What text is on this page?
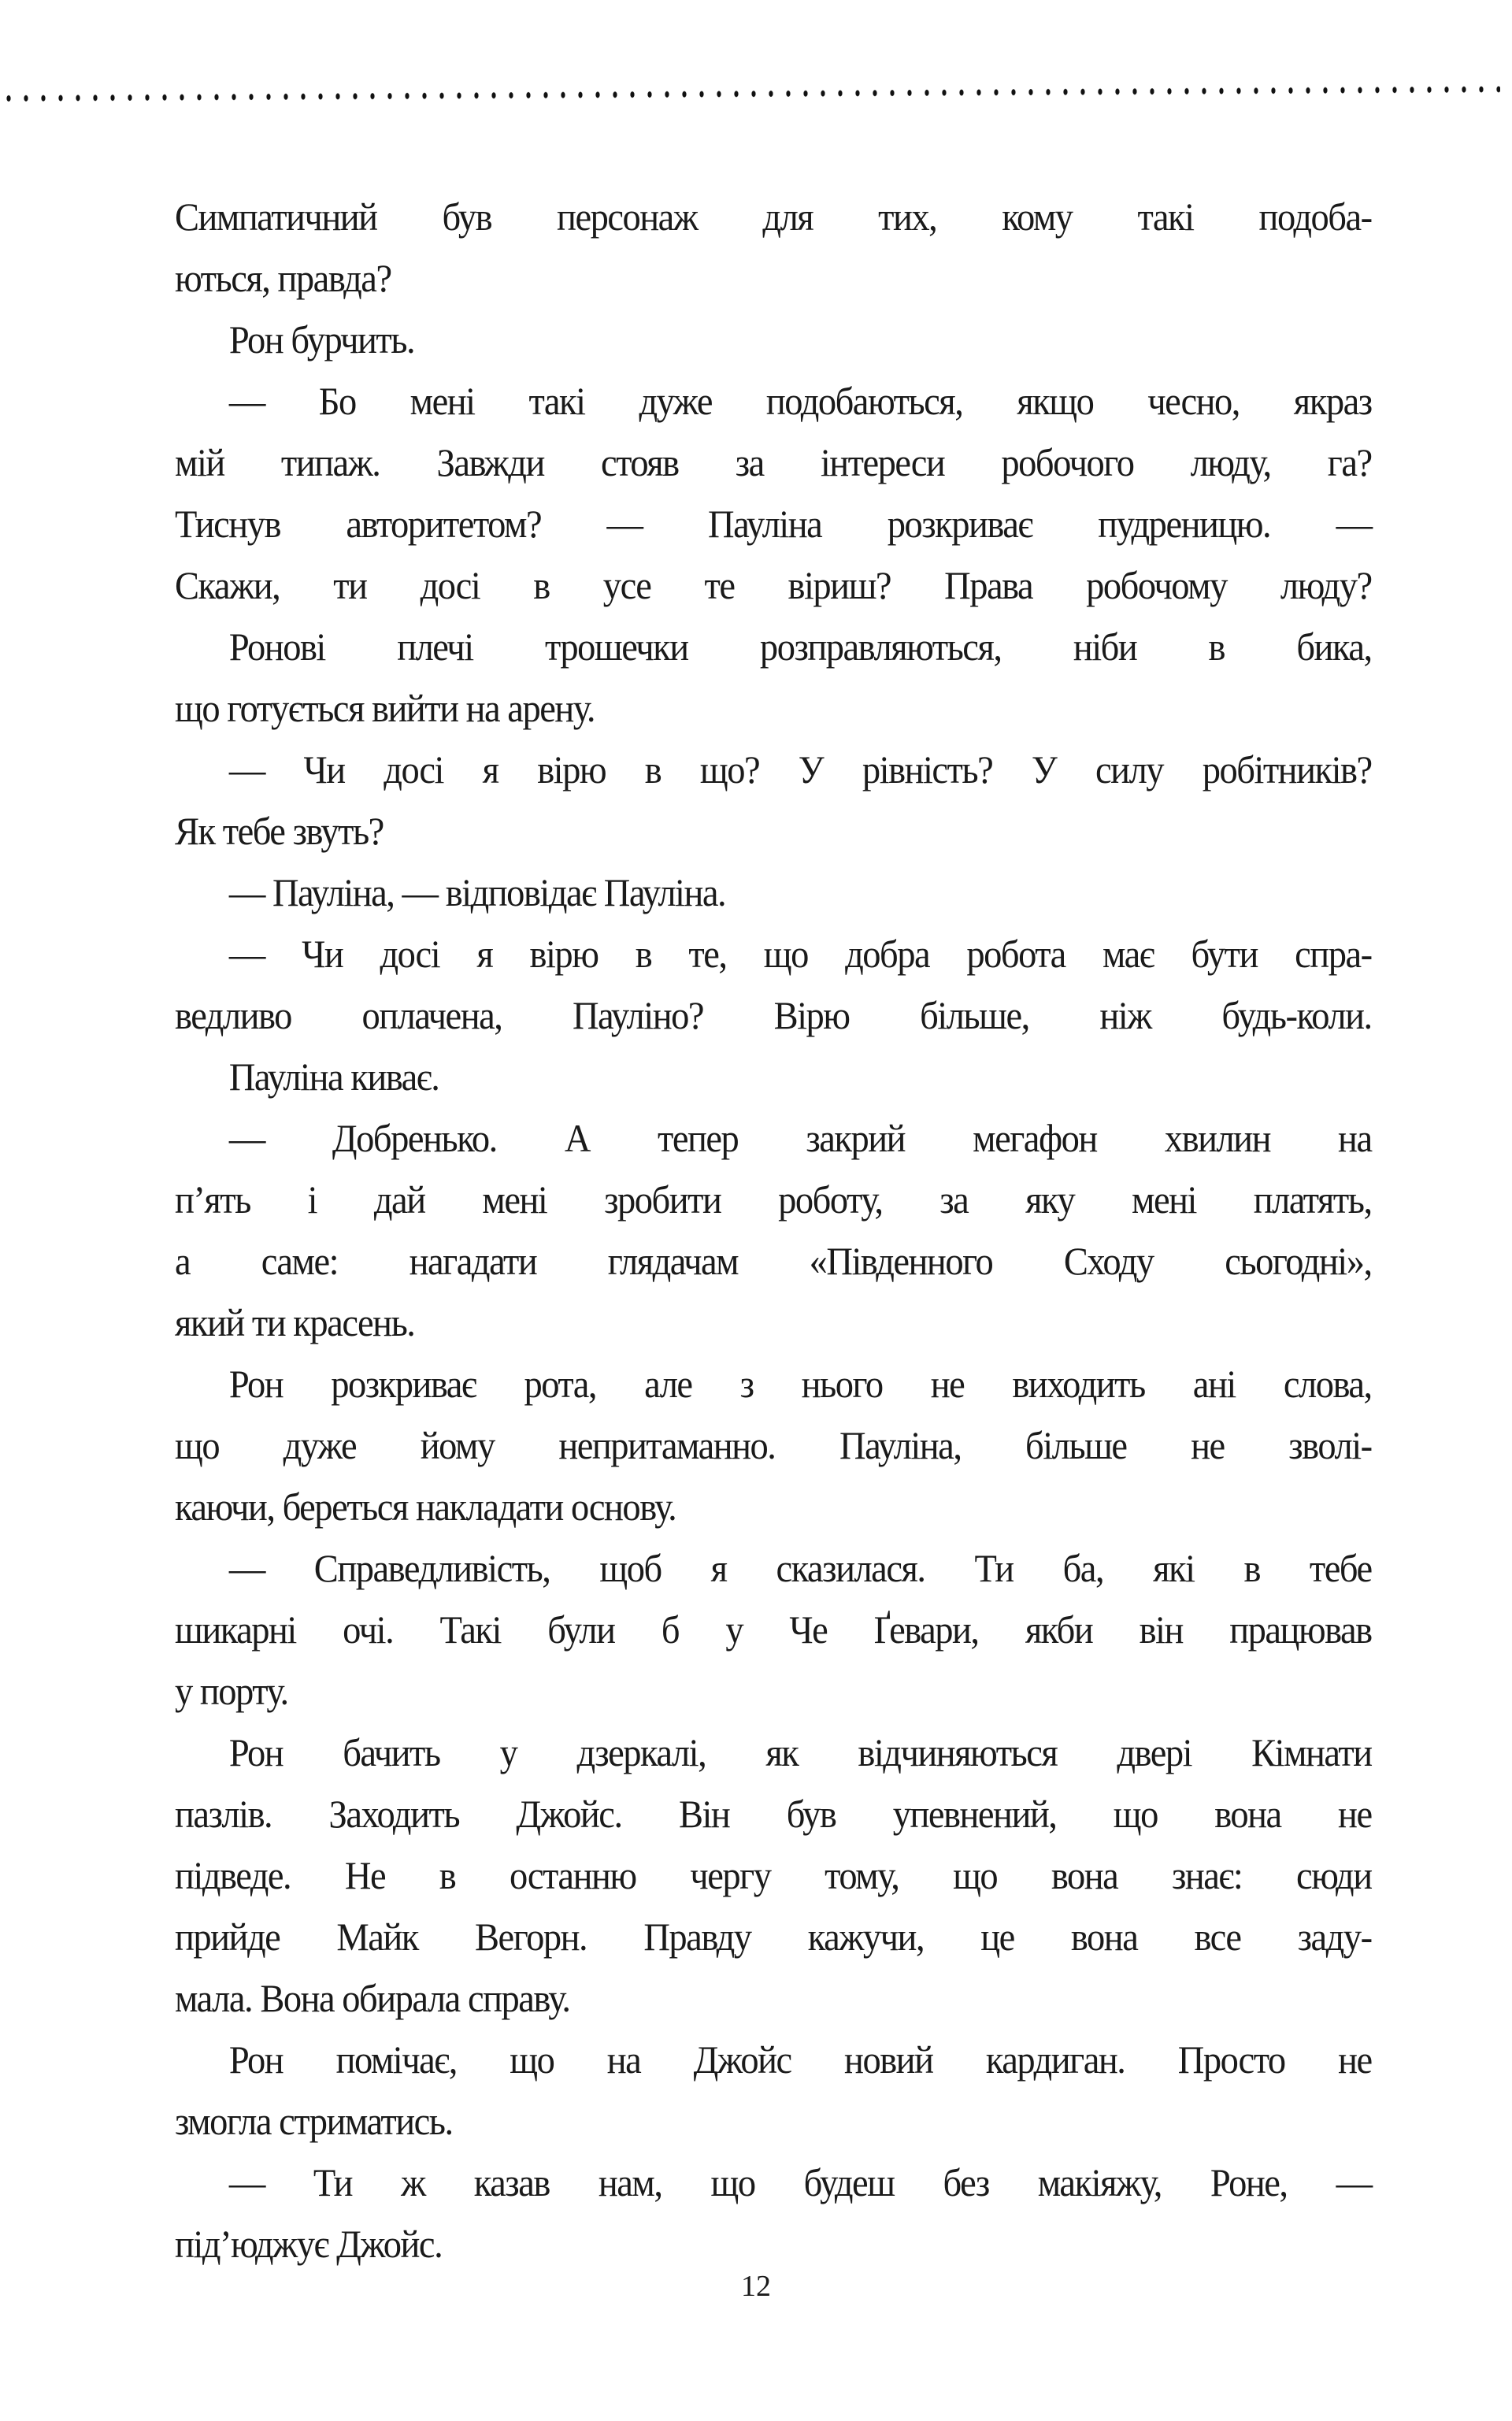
Симпатичний був персонаж для тих, кому такі подоба-
ються, правда?
Рон бурчить.
— Бо мені такі дуже подобаються, якщо чесно, якраз
мій типаж. Завжди стояв за інтереси робочого люду, га?
Тиснув авторитетом? — Пауліна розкриває пудреницю. —
Скажи, ти досі в усе те віриш? Права робочому люду?
Ронові плечі трошечки розправляються, ніби в бика,
що готується вийти на арену.
— Чи досі я вірю в що? У рівність? У силу робітників?
Як тебе звуть?
— Пауліна, — відповідає Пауліна.
— Чи досі я вірю в те, що добра робота має бути спра-
ведливо оплачена, Пауліно? Вірю більше, ніж будь-коли.
Пауліна киває.
— Добренько. А тепер закрий мегафон хвилин на
п’ять і дай мені зробити роботу, за яку мені платять,
а саме: нагадати глядачам «Південного Сходу сьогодні»,
який ти красень.
Рон розкриває рота, але з нього не виходить ані слова,
що дуже йому непритаманно. Пауліна, більше не зволі-
каючи, береться накладати основу.
— Справедливість, щоб я сказилася. Ти ба, які в тебе
шикарні очі. Такі були б у Че Ґевари, якби він працював
у порту.
Рон бачить у дзеркалі, як відчиняються двері Кімнати
пазлів. Заходить Джойс. Він був упевнений, що вона не
підведе. Не в останню чергу тому, що вона знає: сюди
прийде Майк Вегорн. Правду кажучи, це вона все заду-
мала. Вона обирала справу.
Рон помічає, що на Джойс новий кардиган. Просто не
змогла стриматись.
— Ти ж казав нам, що будеш без макіяжу, Роне, —
під’юджує Джойс.
12
